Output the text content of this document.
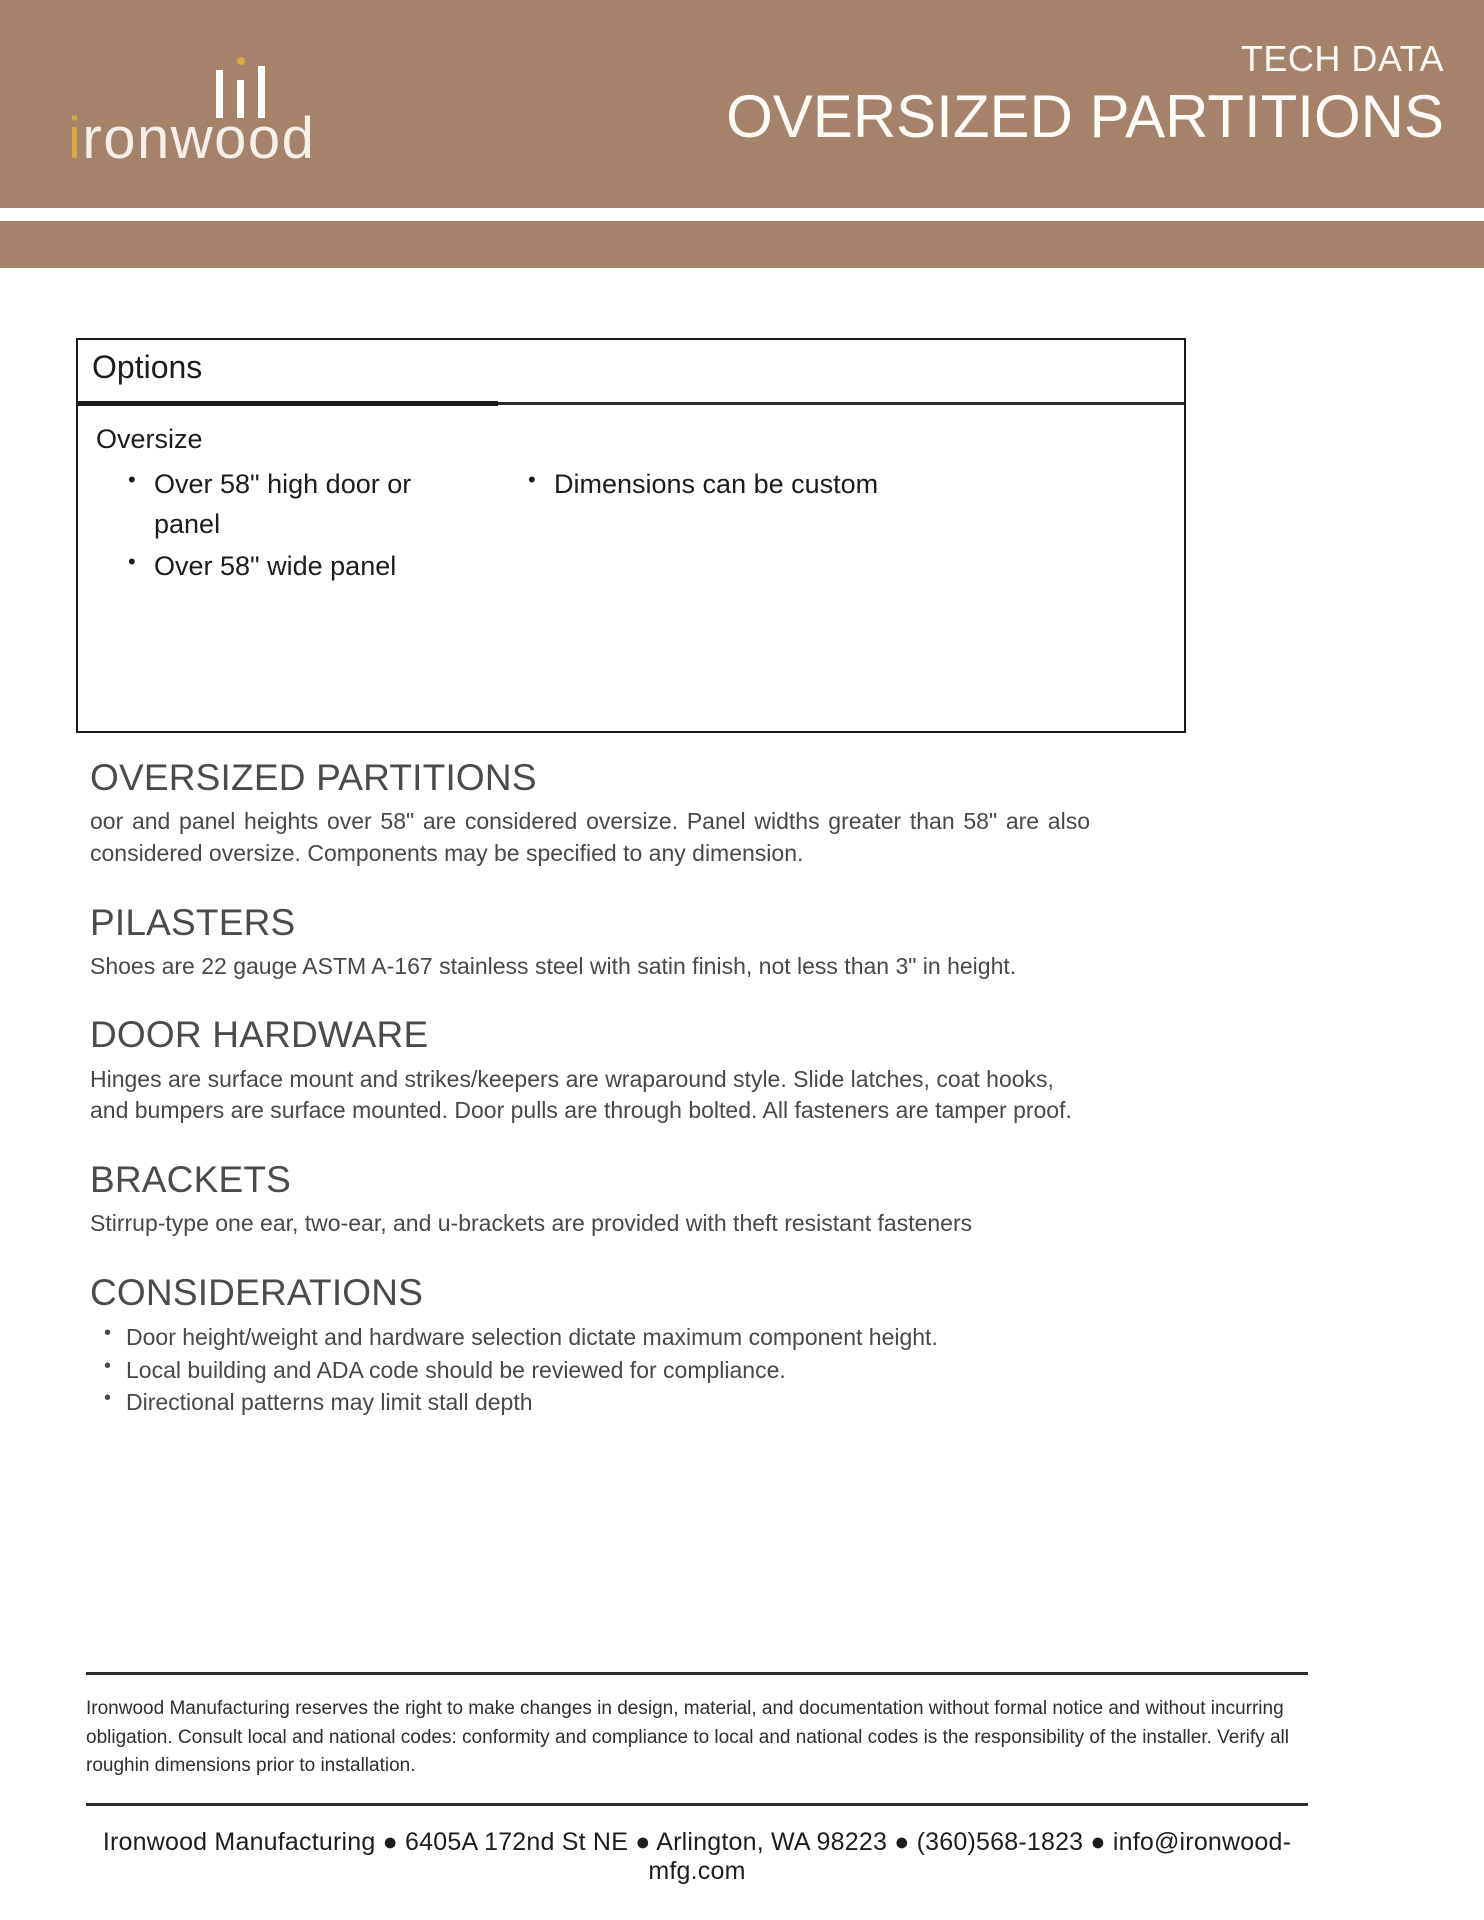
ironwood
TECH DATA
OVERSIZED PARTITIONS
Options
Oversize
• Over 58" high door or panel
• Over 58" wide panel
• Dimensions can be custom
OVERSIZED PARTITIONS

oor and panel heights over 58" are considered oversize. Panel widths greater than 58" are also considered oversize. Components may be specified to any dimension.

PILASTERS

Shoes are 22 gauge ASTM A-167 stainless steel with satin finish, not less than 3" in height.

DOOR HARDWARE

Hinges are surface mount and strikes/keepers are wraparound style. Slide latches, coat hooks, and bumpers are surface mounted. Door pulls are through bolted. All fasteners are tamper proof.

BRACKETS

Stirrup-type one ear, two-ear, and u-brackets are provided with theft resistant fasteners

CONSIDERATIONS
• Door height/weight and hardware selection dictate maximum component height.
• Local building and ADA code should be reviewed for compliance.
• Directional patterns may limit stall depth

Ironwood Manufacturing reserves the right to make changes in design, material, and documentation without formal notice and without incurring obligation. Consult local and national codes: conformity and compliance to local and national codes is the responsibility of the installer. Verify all roughin dimensions prior to installation.

Ironwood Manufacturing ● 6405A 172nd St NE ● Arlington, WA 98223 ● (360)568-1823 ● info@ironwood-mfg.com
